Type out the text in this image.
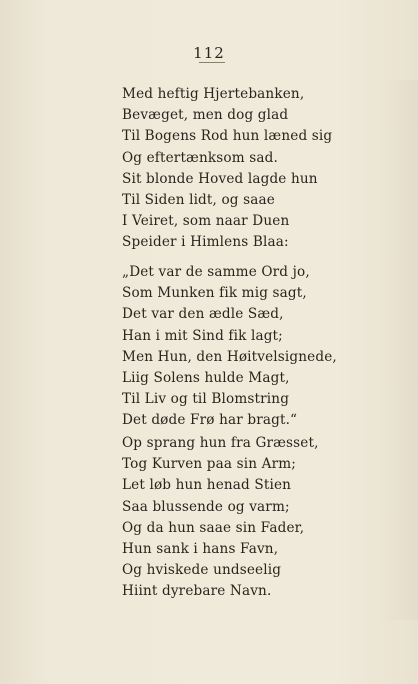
112
Med heftig Hjertebanken,
Bevæget, men dog glad
Til Bogens Rod hun læned sig
Og eftertænksom sad.
Sit blonde Hoved lagde hun
Til Siden lidt, og saae
I Veiret, som naar Duen
Speider i Himlens Blaa:
„Det var de samme Ord jo,
Som Munken fik mig sagt,
Det var den ædle Sæd,
Han i mit Sind fik lagt;
Men Hun, den Høitvelsignede,
Liig Solens hulde Magt,
Til Liv og til Blomstring
Det døde Frø har bragt.“
Op sprang hun fra Græsset,
Tog Kurven paa sin Arm;
Let løb hun henad Stien
Saa blussende og varm;
Og da hun saae sin Fader,
Hun sank i hans Favn,
Og hviskede undseelig
Hiint dyrebare Navn.
